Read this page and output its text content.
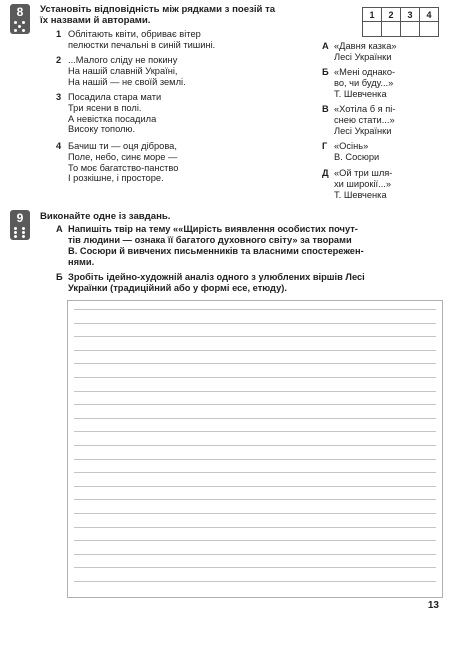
8	Установіть відповідність між рядками з поезій та
їх назвами й авторами.
1	2	3	4

1 Облітають квіти, обриває вітер
пелюстки печальні в синій тишині.
2 ...Малого сліду не покину
На нашій славній Україні,
На нашій — не своїй землі.
3 Посадила стара мати
Три ясени в полі.
А невістка посадила
Високу тополю.
4 Бачиш ти — оця діброва,
Поле, небо, синє море —
То моє багатство-панство
І розкішне, і просторе.
А «Давня казка»
Лесі Українки
Б «Мені однако-
во, чи буду...»
Т. Шевченка
В «Хотіла б я пі-
снею стати...»
Лесі Українки
Г «Осінь»
В. Сосюри
Д «Ой три шля-
хи широкії...»
Т. Шевченка
9	Виконайте одне із завдань.
А Напишіть твір на тему ««Щирість виявлення особистих почут-
тів людини — ознака її багатого духовного світу» за творами
В. Сосюри й вивчених письменників та власними спостережен-
нями.
Б Зробіть ідейно-художній аналіз одного з улюблених віршів Лесі
Українки (традиційний або у формі есе, етюду).
13
